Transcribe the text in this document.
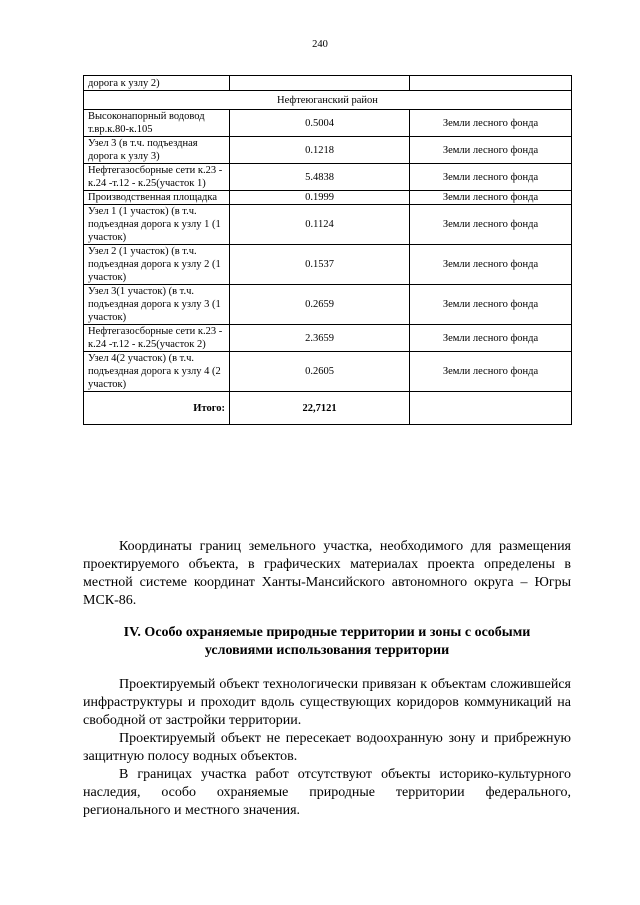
240
дорога к узлу 2)		
Нефтеюганский район		
Высоконапорный водовод т.вр.к.80-к.105	0.5004	Земли лесного фонда
Узел 3 (в т.ч. подъездная дорога к узлу 3)	0.1218	Земли лесного фонда
Нефтегазосборные сети к.23 - к.24 -т.12 - к.25(участок 1)	5.4838	Земли лесного фонда
Производственная площадка	0.1999	Земли лесного фонда
Узел 1 (1 участок) (в т.ч. подъездная дорога к узлу 1 (1 участок)	0.1124	Земли лесного фонда
Узел 2 (1 участок) (в т.ч. подъездная дорога к узлу 2 (1 участок)	0.1537	Земли лесного фонда
Узел 3(1 участок) (в т.ч. подъездная дорога к узлу 3 (1 участок)	0.2659	Земли лесного фонда
Нефтегазосборные сети к.23 - к.24 -т.12 - к.25(участок 2)	2.3659	Земли лесного фонда
Узел 4(2 участок) (в т.ч. подъездная дорога к узлу 4 (2 участок)	0.2605	Земли лесного фонда
Итого:	22,7121	
Координаты границ земельного участка, необходимого для размещения проектируемого объекта, в графических материалах проекта определены в местной системе координат Ханты-Мансийского автономного округа – Югры МСК-86.

IV. Особо охраняемые природные территории и зоны с особыми

условиями использования территории

Проектируемый объект технологически привязан к объектам сложившейся инфраструктуры и проходит вдоль существующих коридоров коммуникаций на свободной от застройки территории.

Проектируемый объект не пересекает водоохранную зону и прибрежную защитную полосу водных объектов.

В границах участка работ отсутствуют объекты историко-культурного наследия, особо охраняемые природные территории федерального, регионального и местного значения.
